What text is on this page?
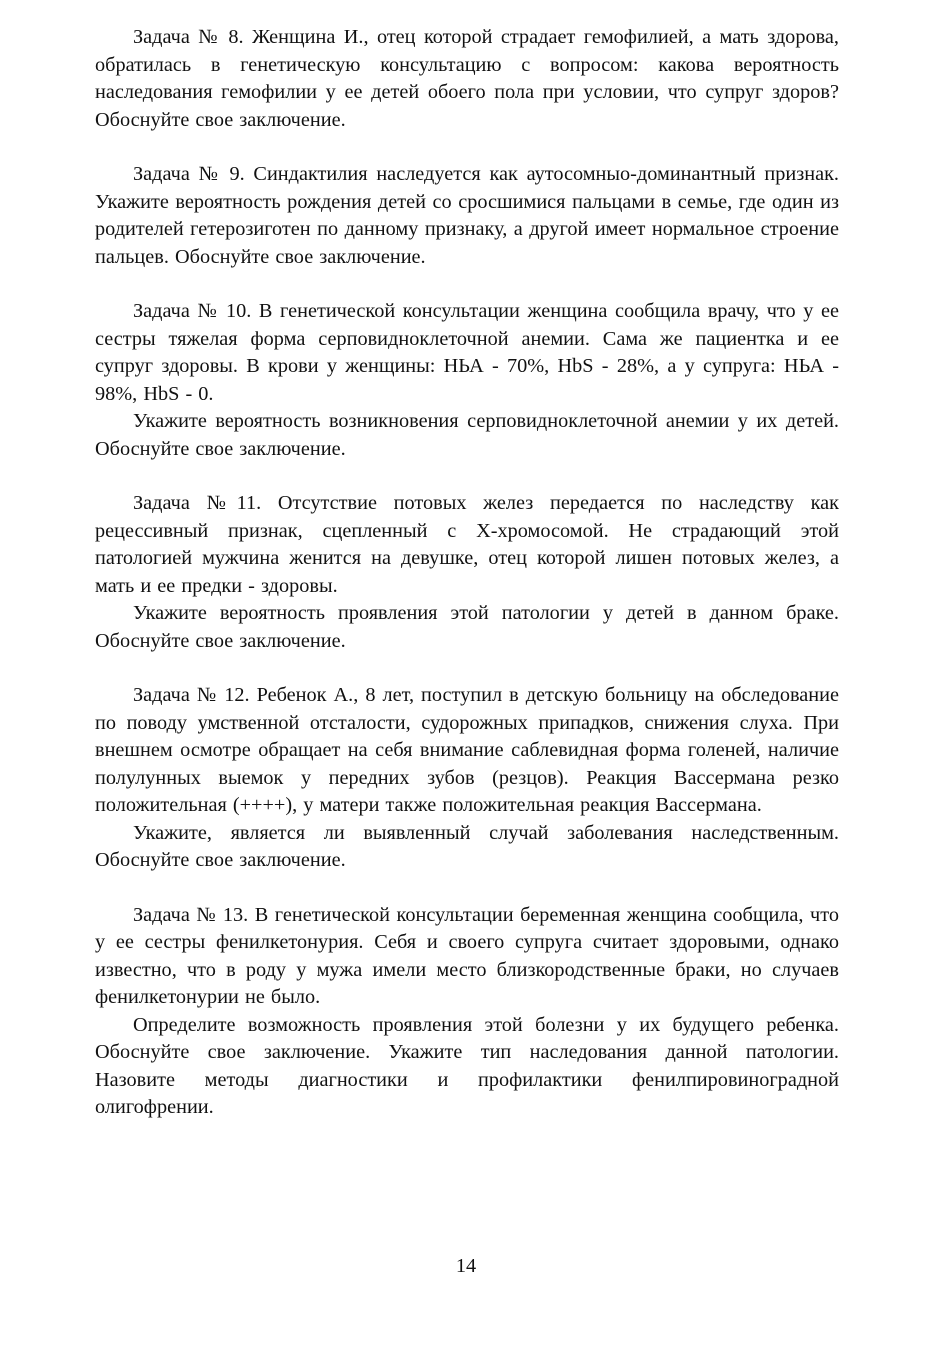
Задача № 8. Женщина И., отец которой страдает гемофилией, а мать здорова, обратилась в генетическую консультацию с вопросом: какова вероятность наследования гемофилии у ее детей обоего пола при условии, что супруг здоров? Обоснуйте свое заключение.

Задача № 9. Синдактилия наследуется как аутосомныо-доминантный признак. Укажите вероятность рождения детей со сросшимися пальцами в семье, где один из родителей гетерозиготен по данному признаку, а другой имеет нормальное строение пальцев. Обоснуйте свое заключение.

Задача № 10. В генетической консультации женщина сообщила врачу, что у ее сестры тяжелая форма серповидноклеточной анемии. Сама же пациентка и ее супруг здоровы. В крови у женщины: НЬА - 70%, HbS - 28%, а у супруга: НЬА - 98%, НbS - 0.

Укажите вероятность возникновения серповидноклеточной анемии у их детей. Обоснуйте свое заключение.

Задача №11. Отсутствие потовых желез передается по наследству как рецессивный признак, сцепленный с Х-хромосомой. Не страдающий этой патологией мужчина женится на девушке, отец которой лишен потовых желез, а мать и ее предки - здоровы.

Укажите вероятность проявления этой патологии у детей в данном браке. Обоснуйте свое заключение.

Задача № 12. Ребенок А., 8 лет, поступил в детскую больницу на обследование по поводу умственной отсталости, судорожных припадков, снижения слуха. При внешнем осмотре обращает на себя внимание саблевидная форма голеней, наличие полулунных выемок у передних зубов (резцов). Реакция Вассермана резко положительная (++++), у матери также положительная реакция Вассермана.

Укажите, является ли выявленный случай заболевания наследственным. Обоснуйте свое заключение.

Задача № 13. В генетической консультации беременная женщина сообщила, что у ее сестры фенилкетонурия. Себя и своего супруга считает здоровыми, однако известно, что в роду у мужа имели место близкородственные браки, но случаев фенилкетонурии не было.

Определите возможность проявления этой болезни у их будущего ребенка. Обоснуйте свое заключение. Укажите тип наследования данной патологии. Назовите методы диагностики и профилактики фенилпировиноградной олигофрении.

14
